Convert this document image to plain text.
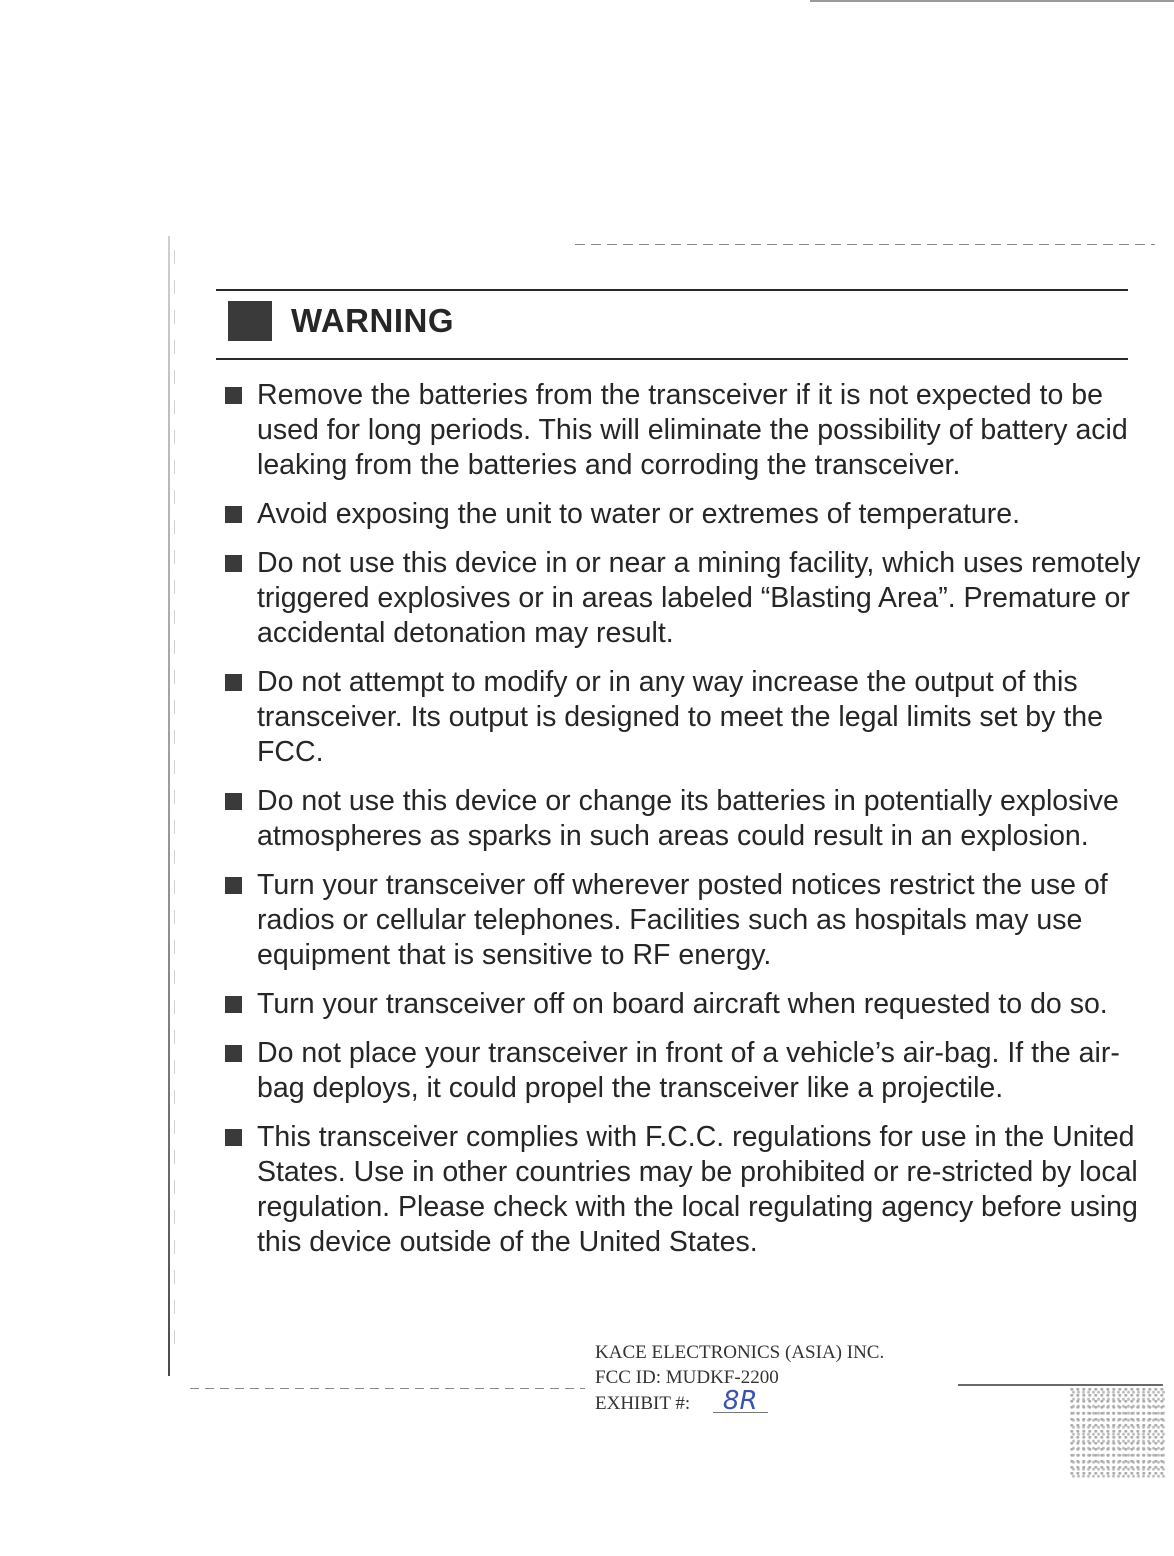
WARNING
Remove the batteries from the transceiver if it is not expected to be used for long periods. This will eliminate the possibility of battery acid leaking from the batteries and corroding the transceiver.
Avoid exposing the unit to water or extremes of temperature.
Do not use this device in or near a mining facility, which uses remotely triggered explosives or in areas labeled “Blasting Area”. Premature or accidental detonation may result.
Do not attempt to modify or in any way increase the output of this transceiver. Its output is designed to meet the legal limits set by the FCC.
Do not use this device or change its batteries in potentially explosive atmospheres as sparks in such areas could result in an explosion.
Turn your transceiver off wherever posted notices restrict the use of radios or cellular telephones. Facilities such as hospitals may use equipment that is sensitive to RF energy.
Turn your transceiver off on board aircraft when requested to do so.
Do not place your transceiver in front of a vehicle’s air-bag. If the air-bag deploys, it could propel the transceiver like a projectile.
This transceiver complies with F.C.C. regulations for use in the United States. Use in other countries may be prohibited or re-stricted by local regulation. Please check with the local regulating agency before using this device outside of the United States.
KACE ELECTRONICS (ASIA) INC.
FCC ID: MUDKF-2200
EXHIBIT #: 8R
